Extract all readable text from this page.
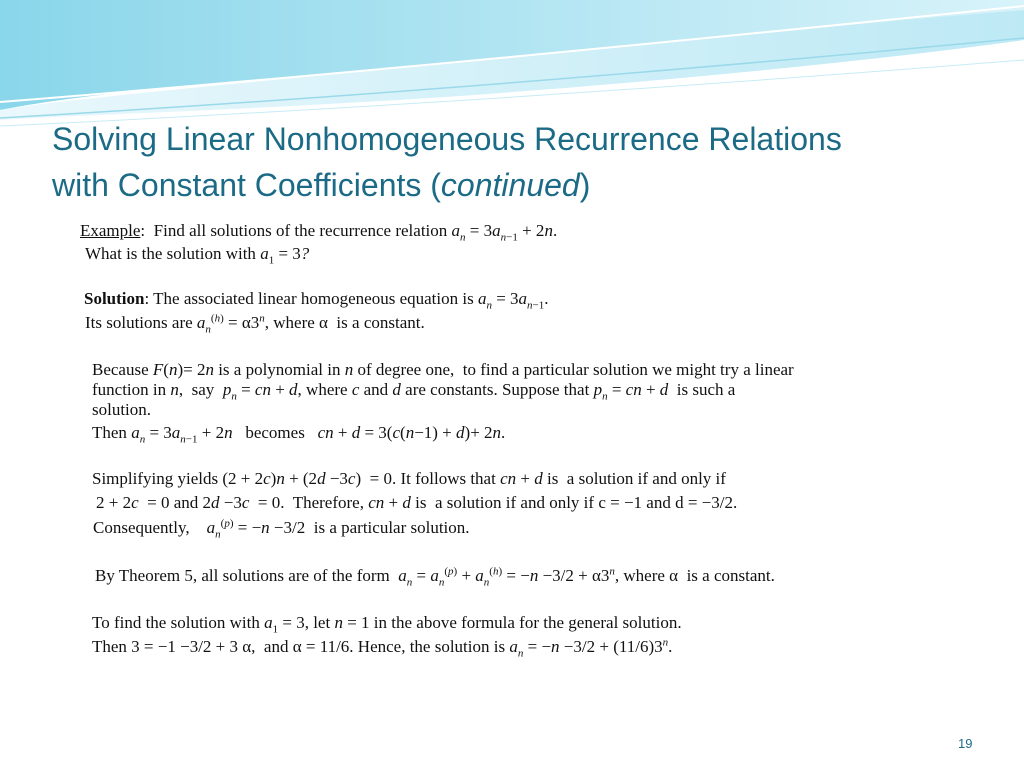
Solving Linear Nonhomogeneous Recurrence Relations
with Constant Coefficients (continued)
Example:  Find all solutions of the recurrence relation $a_n = 3a_{n-1} + 2n$.
What is the solution with $a_1 = 3$?
Solution: The associated linear homogeneous equation is $a_n = 3a_{n-1}$.
Its solutions are $a_n^{(h)} = \alpha 3^n$, where α  is a constant.
Because F(n)= 2n is a polynomial in n of degree one,  to find a particular solution we might try a linear
function in n,  say  $p_n$ = cn + d, where c and d are constants. Suppose that $p_n$ = cn + d  is such a
solution.
Then $a_n = 3a_{n-1} + 2n$   becomes   cn + d = 3(c(n−1) + d)+ 2n.
Simplifying yields (2 + 2c)n + (2d −3c)  = 0. It follows that cn + d is  a solution if and only if
2 + 2c  = 0 and 2d −3c  = 0.  Therefore, cn + d is  a solution if and only if c = −1 and d = −3/2.
Consequently, $a_n^{(p)} = -n -3/2$  is a particular solution.
By Theorem 5, all solutions are of the form  $a_n = a_n^{(p)} + a_n^{(h)} = -n -3/2 + \alpha 3^n$, where α  is a constant.
To find the solution with $a_1 = 3$, let n = 1 in the above formula for the general solution.
Then 3 = −1 −3/2 + 3 α,  and α = 11/6. Hence, the solution is $a_n = -n -3/2 + (11/6)3^n$.
19
